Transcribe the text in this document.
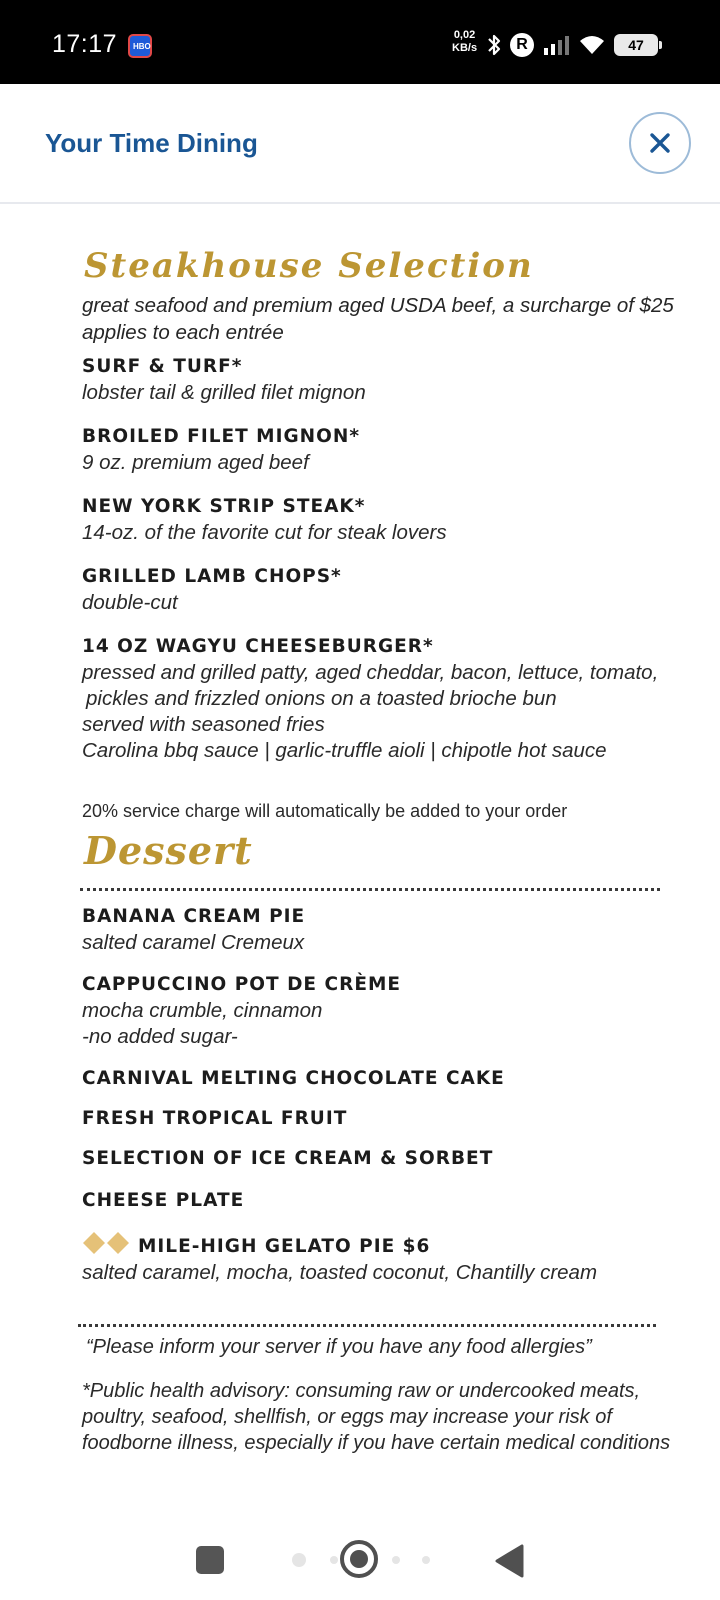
17:17 HBO
0,02
KB/s	R	47
Your Time Dining
Steakhouse Selection
great seafood and premium aged USDA beef, a surcharge of $25 applies to each entrée
SURF & TURF*
lobster tail & grilled filet mignon
BROILED FILET MIGNON*
9 oz. premium aged beef
NEW YORK STRIP STEAK*
14-oz. of the favorite cut for steak lovers
GRILLED LAMB CHOPS*
double-cut
14 OZ WAGYU CHEESEBURGER*
pressed and grilled patty, aged cheddar, bacon, lettuce, tomato,
pickles and frizzled onions on a toasted brioche bun
served with seasoned fries
Carolina bbq sauce | garlic-truffle aioli | chipotle hot sauce
20% service charge will automatically be added to your order
Dessert
BANANA CREAM PIE
salted caramel Cremeux
CAPPUCCINO POT DE CRÈME
mocha crumble, cinnamon
-no added sugar-
CARNIVAL MELTING CHOCOLATE CAKE
FRESH TROPICAL FRUIT
SELECTION OF ICE CREAM & SORBET
CHEESE PLATE
MILE-HIGH GELATO PIE $6
salted caramel, mocha, toasted coconut, Chantilly cream
“Please inform your server if you have any food allergies”
*Public health advisory: consuming raw or undercooked meats, poultry, seafood, shellfish, or eggs may increase your risk of foodborne illness, especially if you have certain medical conditions
